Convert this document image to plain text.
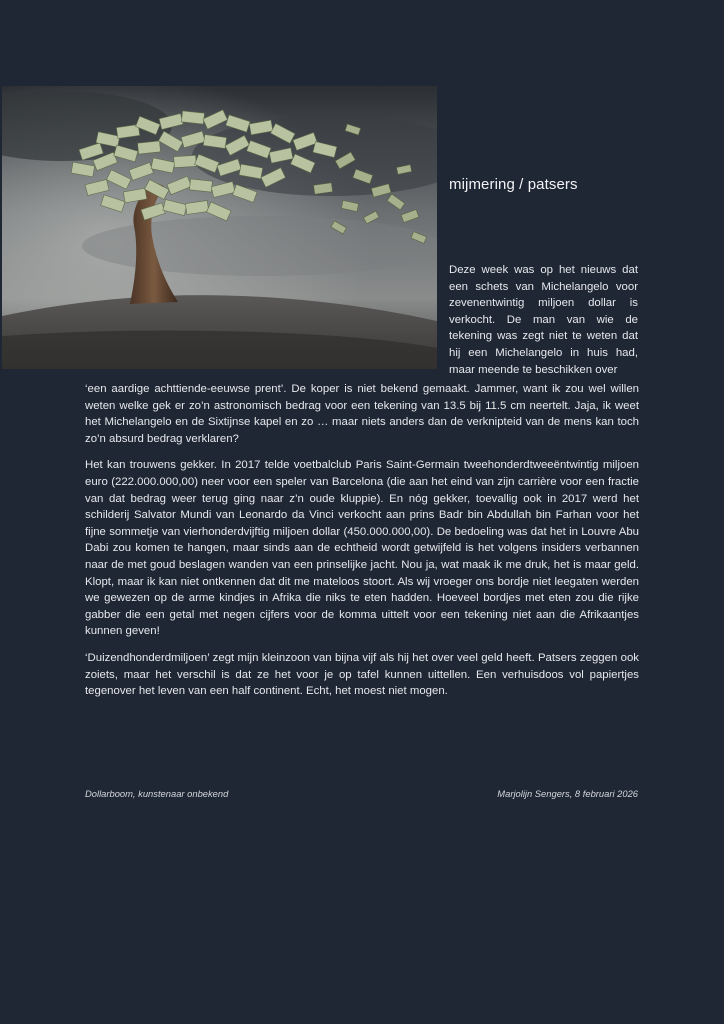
mijmering / patsers
Deze week was op het nieuws dat
een schets van Michelangelo voor
zevenentwintig miljoen dollar is
verkocht. De man van wie de
tekening was zegt niet te weten dat
hij een Michelangelo in huis had,
maar meende te beschikken over

‘een aardige achttiende-eeuwse prent’. De koper is niet bekend gemaakt. Jammer, want ik zou wel willen weten welke gek er zo’n astronomisch bedrag voor een tekening van 13.5 bij 11.5 cm neertelt. Jaja, ik weet het Michelangelo en de Sixtijnse kapel en zo … maar niets anders dan de verknipteid van de mens kan toch zo’n absurd bedrag verklaren?

Het kan trouwens gekker. In 2017 telde voetbalclub Paris Saint-Germain tweehonderdtweeëntwintig miljoen euro (222.000.000,00) neer voor een speler van Barcelona (die aan het eind van zijn carrière voor een fractie van dat bedrag weer terug ging naar z’n oude kluppie). En nóg gekker, toevallig ook in 2017 werd het schilderij Salvator Mundi van Leonardo da Vinci verkocht aan prins Badr bin Abdullah bin Farhan voor het fijne sommetje van vierhonderdvijftig miljoen dollar (450.000.000,00). De bedoeling was dat het in Louvre Abu Dabi zou komen te hangen, maar sinds aan de echtheid wordt getwijfeld is het volgens insiders verbannen naar de met goud beslagen wanden van een prinselijke jacht. Nou ja, wat maak ik me druk, het is maar geld. Klopt, maar ik kan niet ontkennen dat dit me mateloos stoort. Als wij vroeger ons bordje niet leegaten werden we gewezen op de arme kindjes in Afrika die niks te eten hadden. Hoeveel bordjes met eten zou die rijke gabber die een getal met negen cijfers voor de komma uittelt voor een tekening niet aan die Afrikaantjes kunnen geven!

‘Duizendhonderdmiljoen’ zegt mijn kleinzoon van bijna vijf als hij het over veel geld heeft. Patsers zeggen ook zoiets, maar het verschil is dat ze het voor je op tafel kunnen uittellen. Een verhuisdoos vol papiertjes tegenover het leven van een half continent. Echt, het moest niet mogen.

Dollarboom, kunstenaar onbekend	Marjolijn Sengers, 8 februari 2026
